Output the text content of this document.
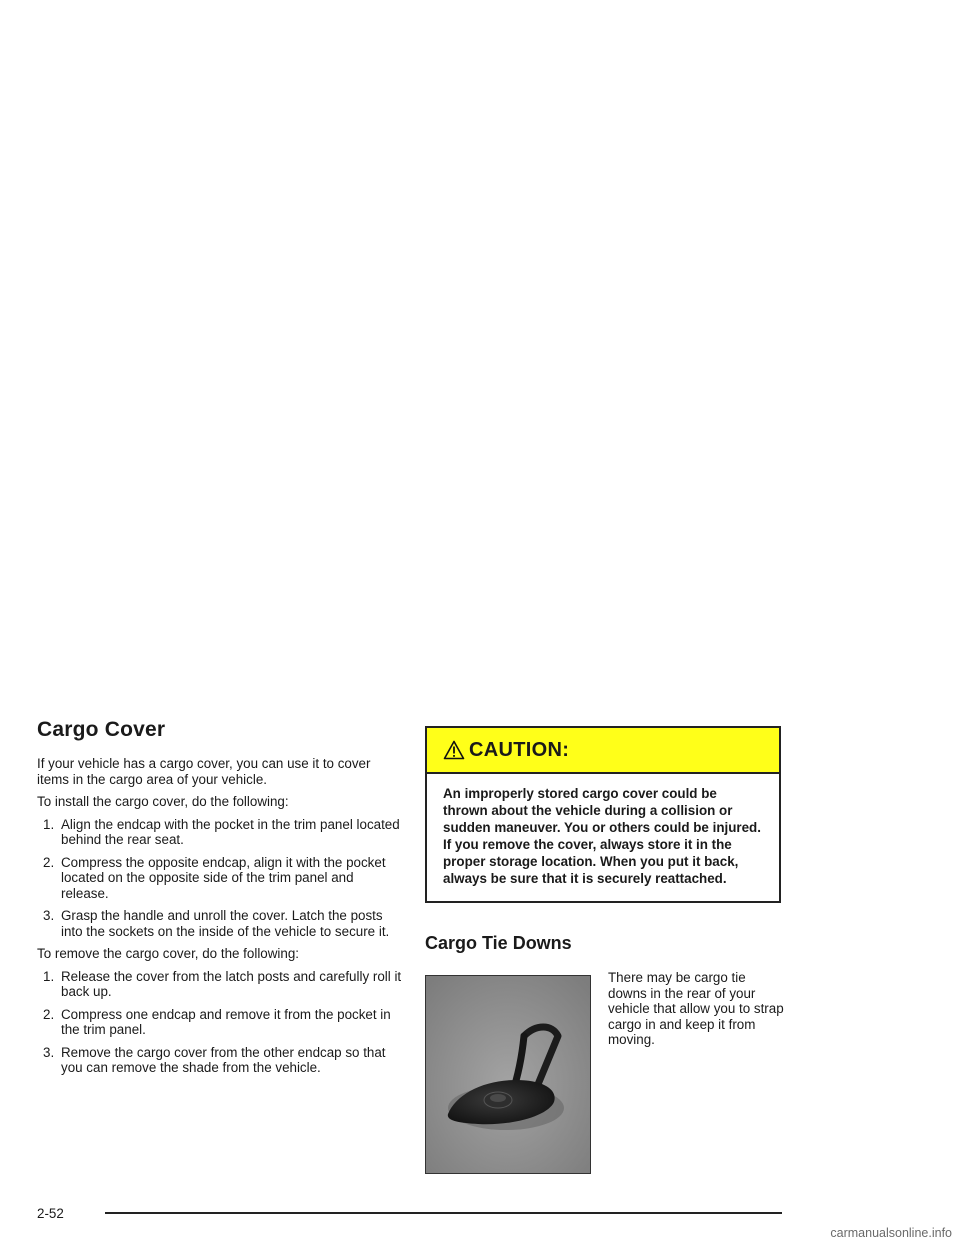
Cargo Cover

If your vehicle has a cargo cover, you can use it to cover items in the cargo area of your vehicle.

To install the cargo cover, do the following:

1. Align the endcap with the pocket in the trim panel located behind the rear seat.
2. Compress the opposite endcap, align it with the pocket located on the opposite side of the trim panel and release.
3. Grasp the handle and unroll the cover. Latch the posts into the sockets on the inside of the vehicle to secure it.

To remove the cargo cover, do the following:

1. Release the cover from the latch posts and carefully roll it back up.
2. Compress one endcap and remove it from the pocket in the trim panel.
3. Remove the cargo cover from the other endcap so that you can remove the shade from the vehicle.
CAUTION:
An improperly stored cargo cover could be thrown about the vehicle during a collision or sudden maneuver. You or others could be injured. If you remove the cover, always store it in the proper storage location. When you put it back, always be sure that it is securely reattached.
Cargo Tie Downs

There may be cargo tie downs in the rear of your vehicle that allow you to strap cargo in and keep it from moving.

2-52
carmanualsonline.info
